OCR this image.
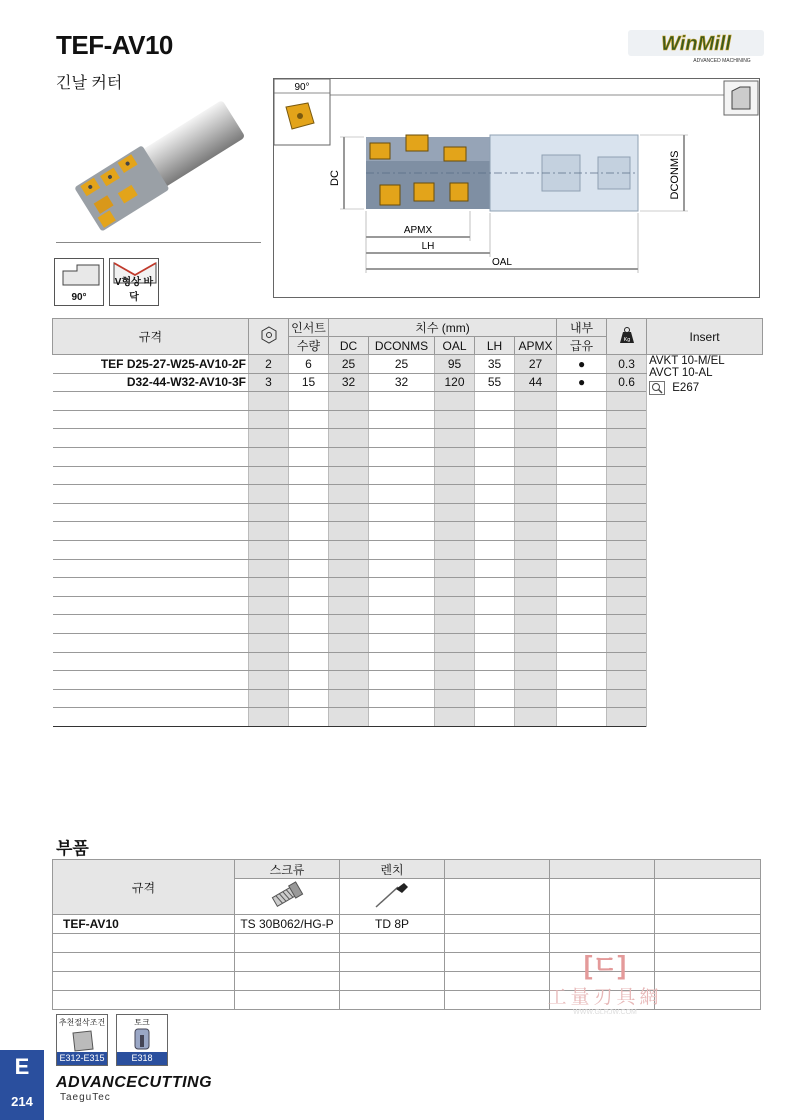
TEF-AV10
긴날 커터
WinMill
ADVANCED MACHINING
90°
V형상 바닥
90°
DC	DCONMS
APMX
LH
OAL
규격		인서트	치수 (mm)					내부	Kg	Insert
		수량	DC	DCONMS	OAL	LH	APMX	급유		
TEF D25-27-W25-AV10-2F	2	6	25	25	95	35	27	●	0.3	AVKT 10-M/EL
AVCT 10-AL
E267

D32-44-W32-AV10-3F	3	15	32	32	120	55	44	●	0.6	

부품
규격	스크류	렌치			

TEF-AV10	TS 30B062/HG-P	TD 8P			

[ㄷ]
工量刃具網
WWW.GLRJW.COM
추천절삭조건
E312-E315
토크
E318
E
214
ADVANCECUTTING
TaeguTec
